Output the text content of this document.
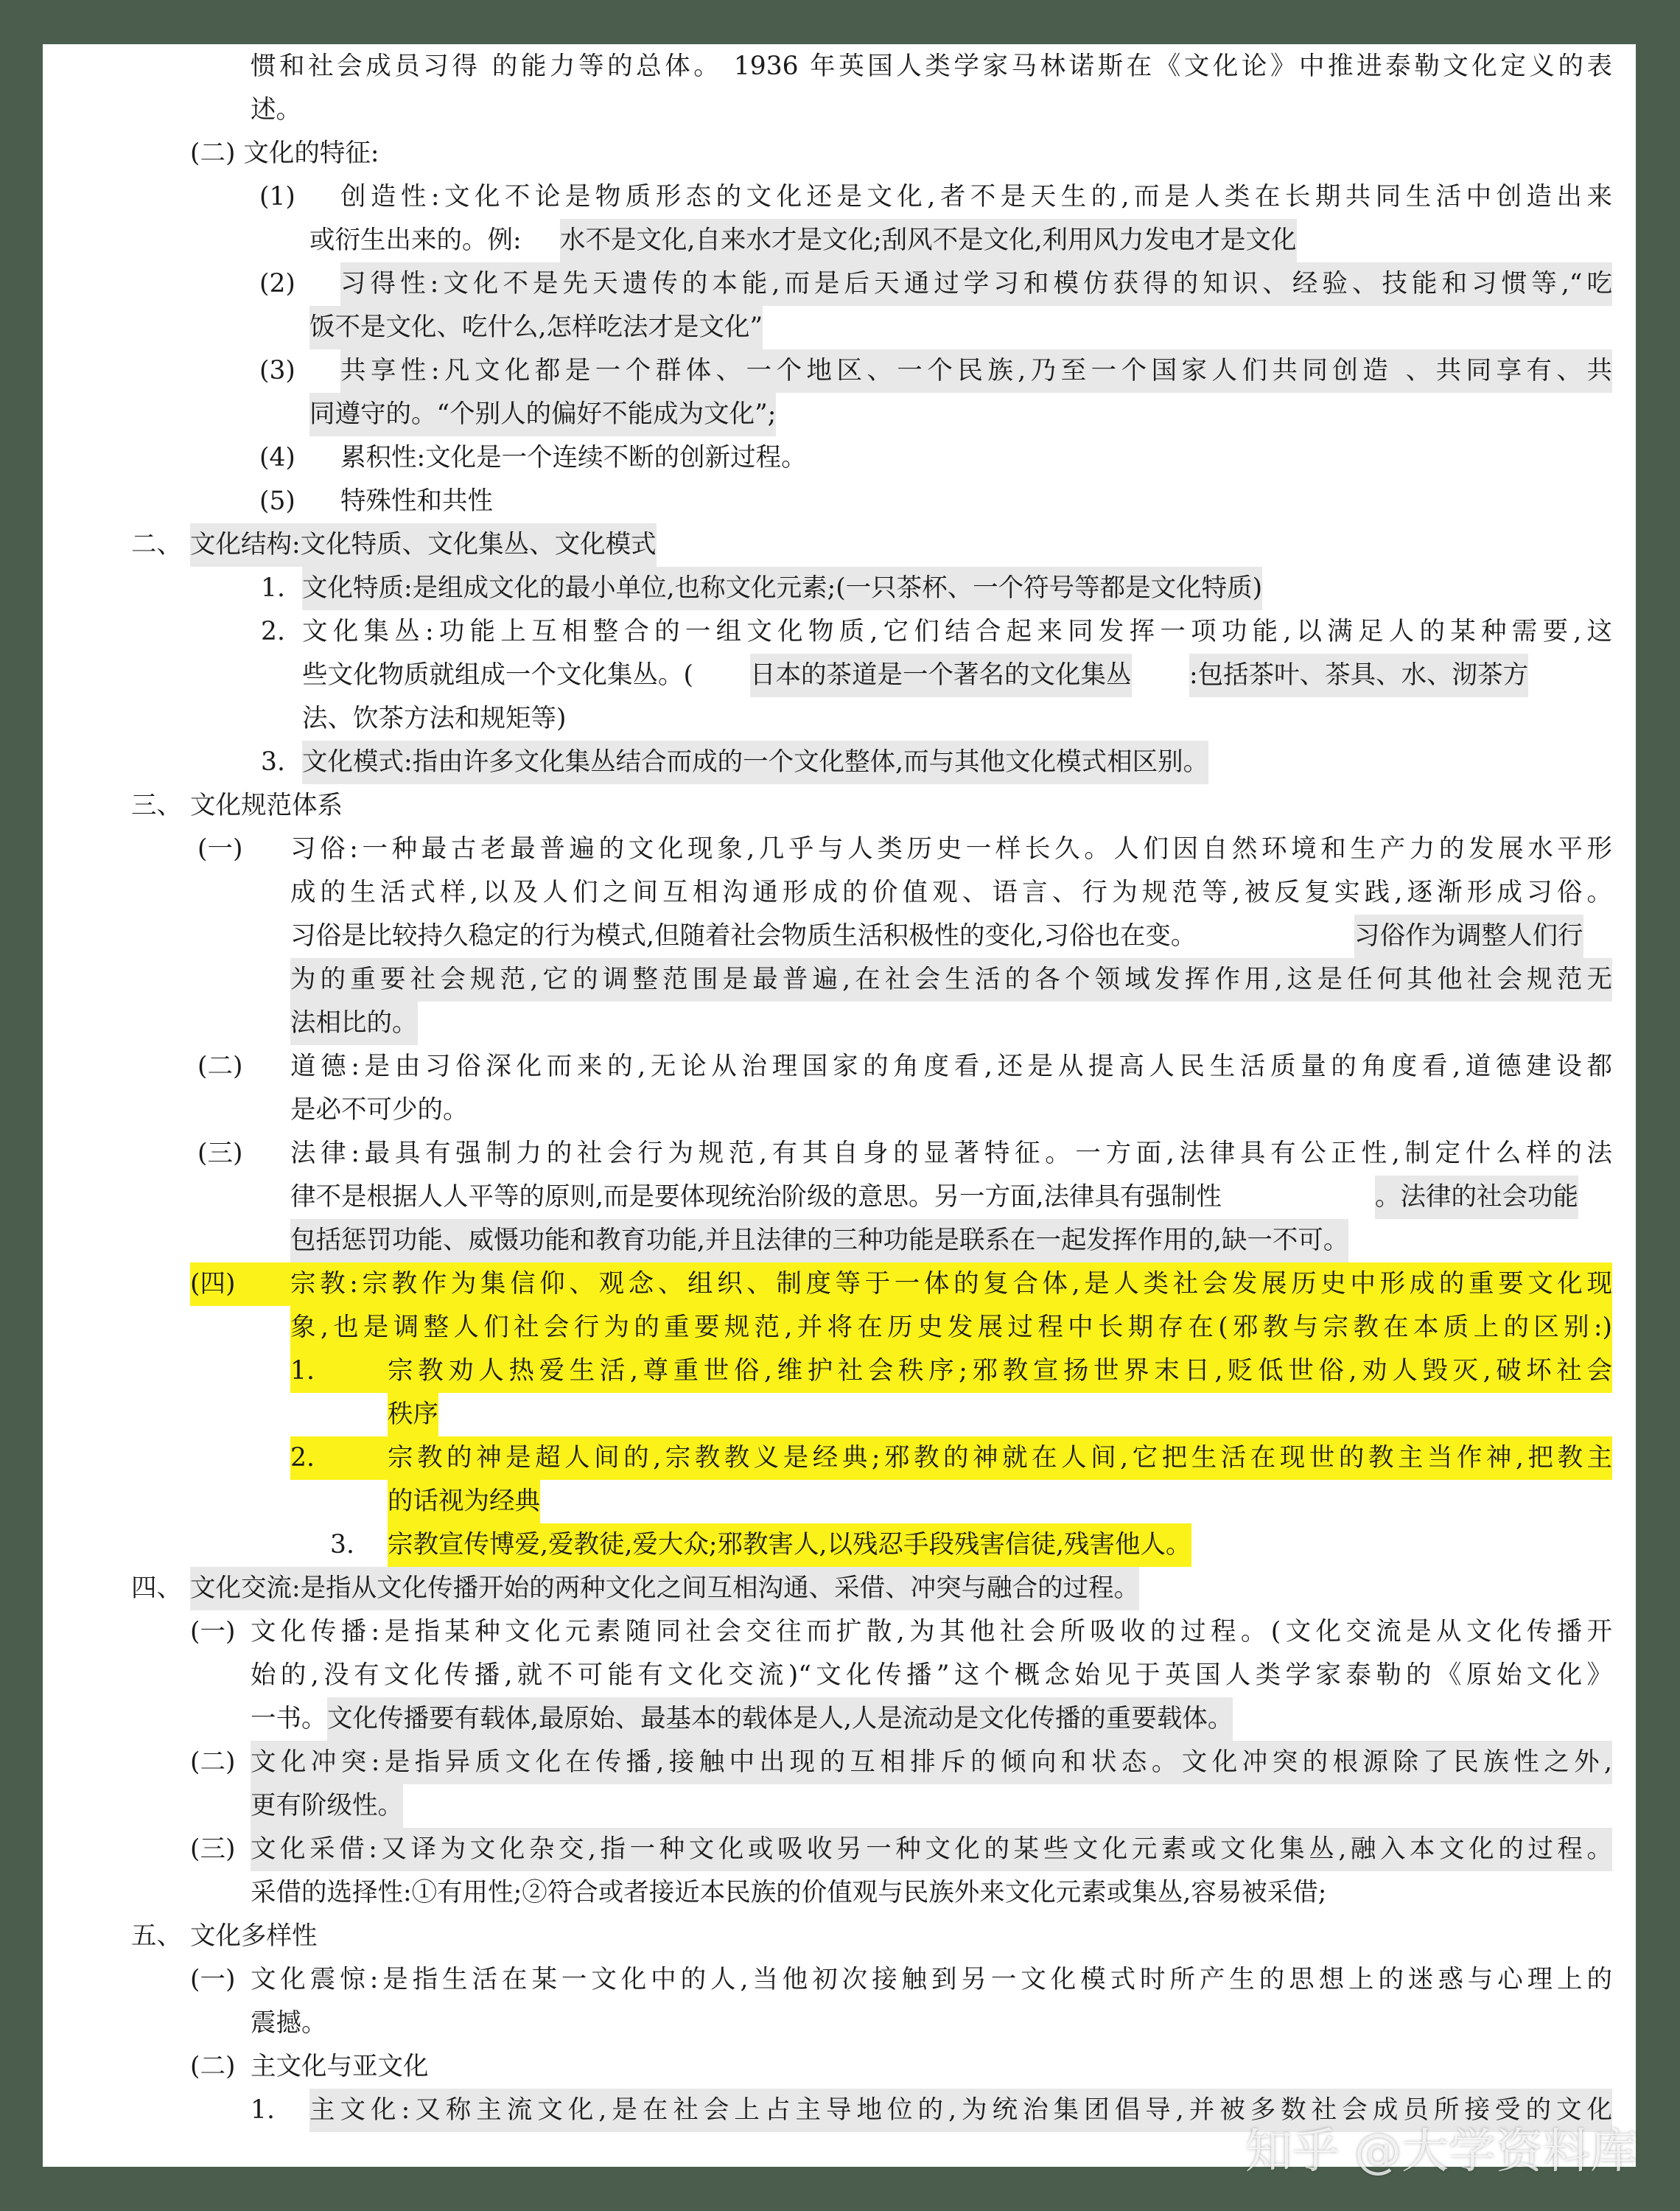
惯和社会成员习得 的能力等的总体。 1936 年英国人类学家马林诺斯在《文化论》中推进泰勒文化定义的表
述。
(二) 文化的特征:
(1) 创造性:文化不论是物质形态的文化还是文化,者不是天生的,而是人类在长期共同生活中创造出来
或衍生出来的。例: 水不是文化,自来水才是文化;刮风不是文化,利用风力发电才是文化
(2) 习得性:文化不是先天遗传的本能,而是后天通过学习和模仿获得的知识、经验、技能和习惯等,“吃
饭不是文化、吃什么,怎样吃法才是文化”
(3) 共享性:凡文化都是一个群体、一个地区、一个民族,乃至一个国家人们共同创造 、共同享有、共
同遵守的。“个别人的偏好不能成为文化”;
(4) 累积性:文化是一个连续不断的创新过程。
(5) 特殊性和共性
二、 文化结构:文化特质、文化集丛、文化模式
1. 文化特质:是组成文化的最小单位,也称文化元素;(一只茶杯、一个符号等都是文化特质)
2. 文化集丛:功能上互相整合的一组文化物质,它们结合起来同发挥一项功能,以满足人的某种需要,这
些文化物质就组成一个文化集丛。( 日本的茶道是一个著名的文化集丛 :包括茶叶、茶具、水、沏茶方
法、饮茶方法和规矩等)
3. 文化模式:指由许多文化集丛结合而成的一个文化整体,而与其他文化模式相区别。
三、 文化规范体系
(一) 习俗:一种最古老最普遍的文化现象,几乎与人类历史一样长久。人们因自然环境和生产力的发展水平形
成的生活式样,以及人们之间互相沟通形成的价值观、语言、行为规范等,被反复实践,逐渐形成习俗。
习俗是比较持久稳定的行为模式,但随着社会物质生活积极性的变化,习俗也在变。	习俗作为调整人们行
为的重要社会规范,它的调整范围是最普遍,在社会生活的各个领域发挥作用,这是任何其他社会规范无
法相比的。
(二) 道德:是由习俗深化而来的,无论从治理国家的角度看,还是从提高人民生活质量的角度看,道德建设都
是必不可少的。
(三) 法律:最具有强制力的社会行为规范,有其自身的显著特征。一方面,法律具有公正性,制定什么样的法
律不是根据人人平等的原则,而是要体现统治阶级的意思。另一方面,法律具有强制性	。法律的社会功能
包括惩罚功能、威慑功能和教育功能,并且法律的三种功能是联系在一起发挥作用的,缺一不可。
(四)	宗教:宗教作为集信仰、观念、组织、制度等于一体的复合体,是人类社会发展历史中形成的重要文化现
象,也是调整人们社会行为的重要规范,并将在历史发展过程中长期存在(邪教与宗教在本质上的区别:)
1.	宗教劝人热爱生活,尊重世俗,维护社会秩序;邪教宣扬世界末日,贬低世俗,劝人毁灭,破坏社会
秩序
2.	宗教的神是超人间的,宗教教义是经典;邪教的神就在人间,它把生活在现世的教主当作神,把教主
的话视为经典
3. 宗教宣传博爱,爱教徒,爱大众;邪教害人,以残忍手段残害信徒,残害他人。
四、 文化交流:是指从文化传播开始的两种文化之间互相沟通、采借、冲突与融合的过程。
(一) 文化传播:是指某种文化元素随同社会交往而扩散,为其他社会所吸收的过程。(文化交流是从文化传播开
始的,没有文化传播,就不可能有文化交流)“文化传播”这个概念始见于英国人类学家泰勒的《原始文化》
一书。 文化传播要有载体,最原始、最基本的载体是人,人是流动是文化传播的重要载体。
(二) 文化冲突:是指异质文化在传播,接触中出现的互相排斥的倾向和状态。文化冲突的根源除了民族性之外,
更有阶级性。
(三) 文化采借:又译为文化杂交,指一种文化或吸收另一种文化的某些文化元素或文化集丛,融入本文化的过程。
采借的选择性:①有用性;②符合或者接近本民族的价值观与民族外来文化元素或集丛,容易被采借;
五、 文化多样性
(一) 文化震惊:是指生活在某一文化中的人,当他初次接触到另一文化模式时所产生的思想上的迷惑与心理上的
震撼。
(二) 主文化与亚文化
1. 主文化:又称主流文化,是在社会上占主导地位的,为统治集团倡导,并被多数社会成员所接受的文化
知乎 @大学资料库
